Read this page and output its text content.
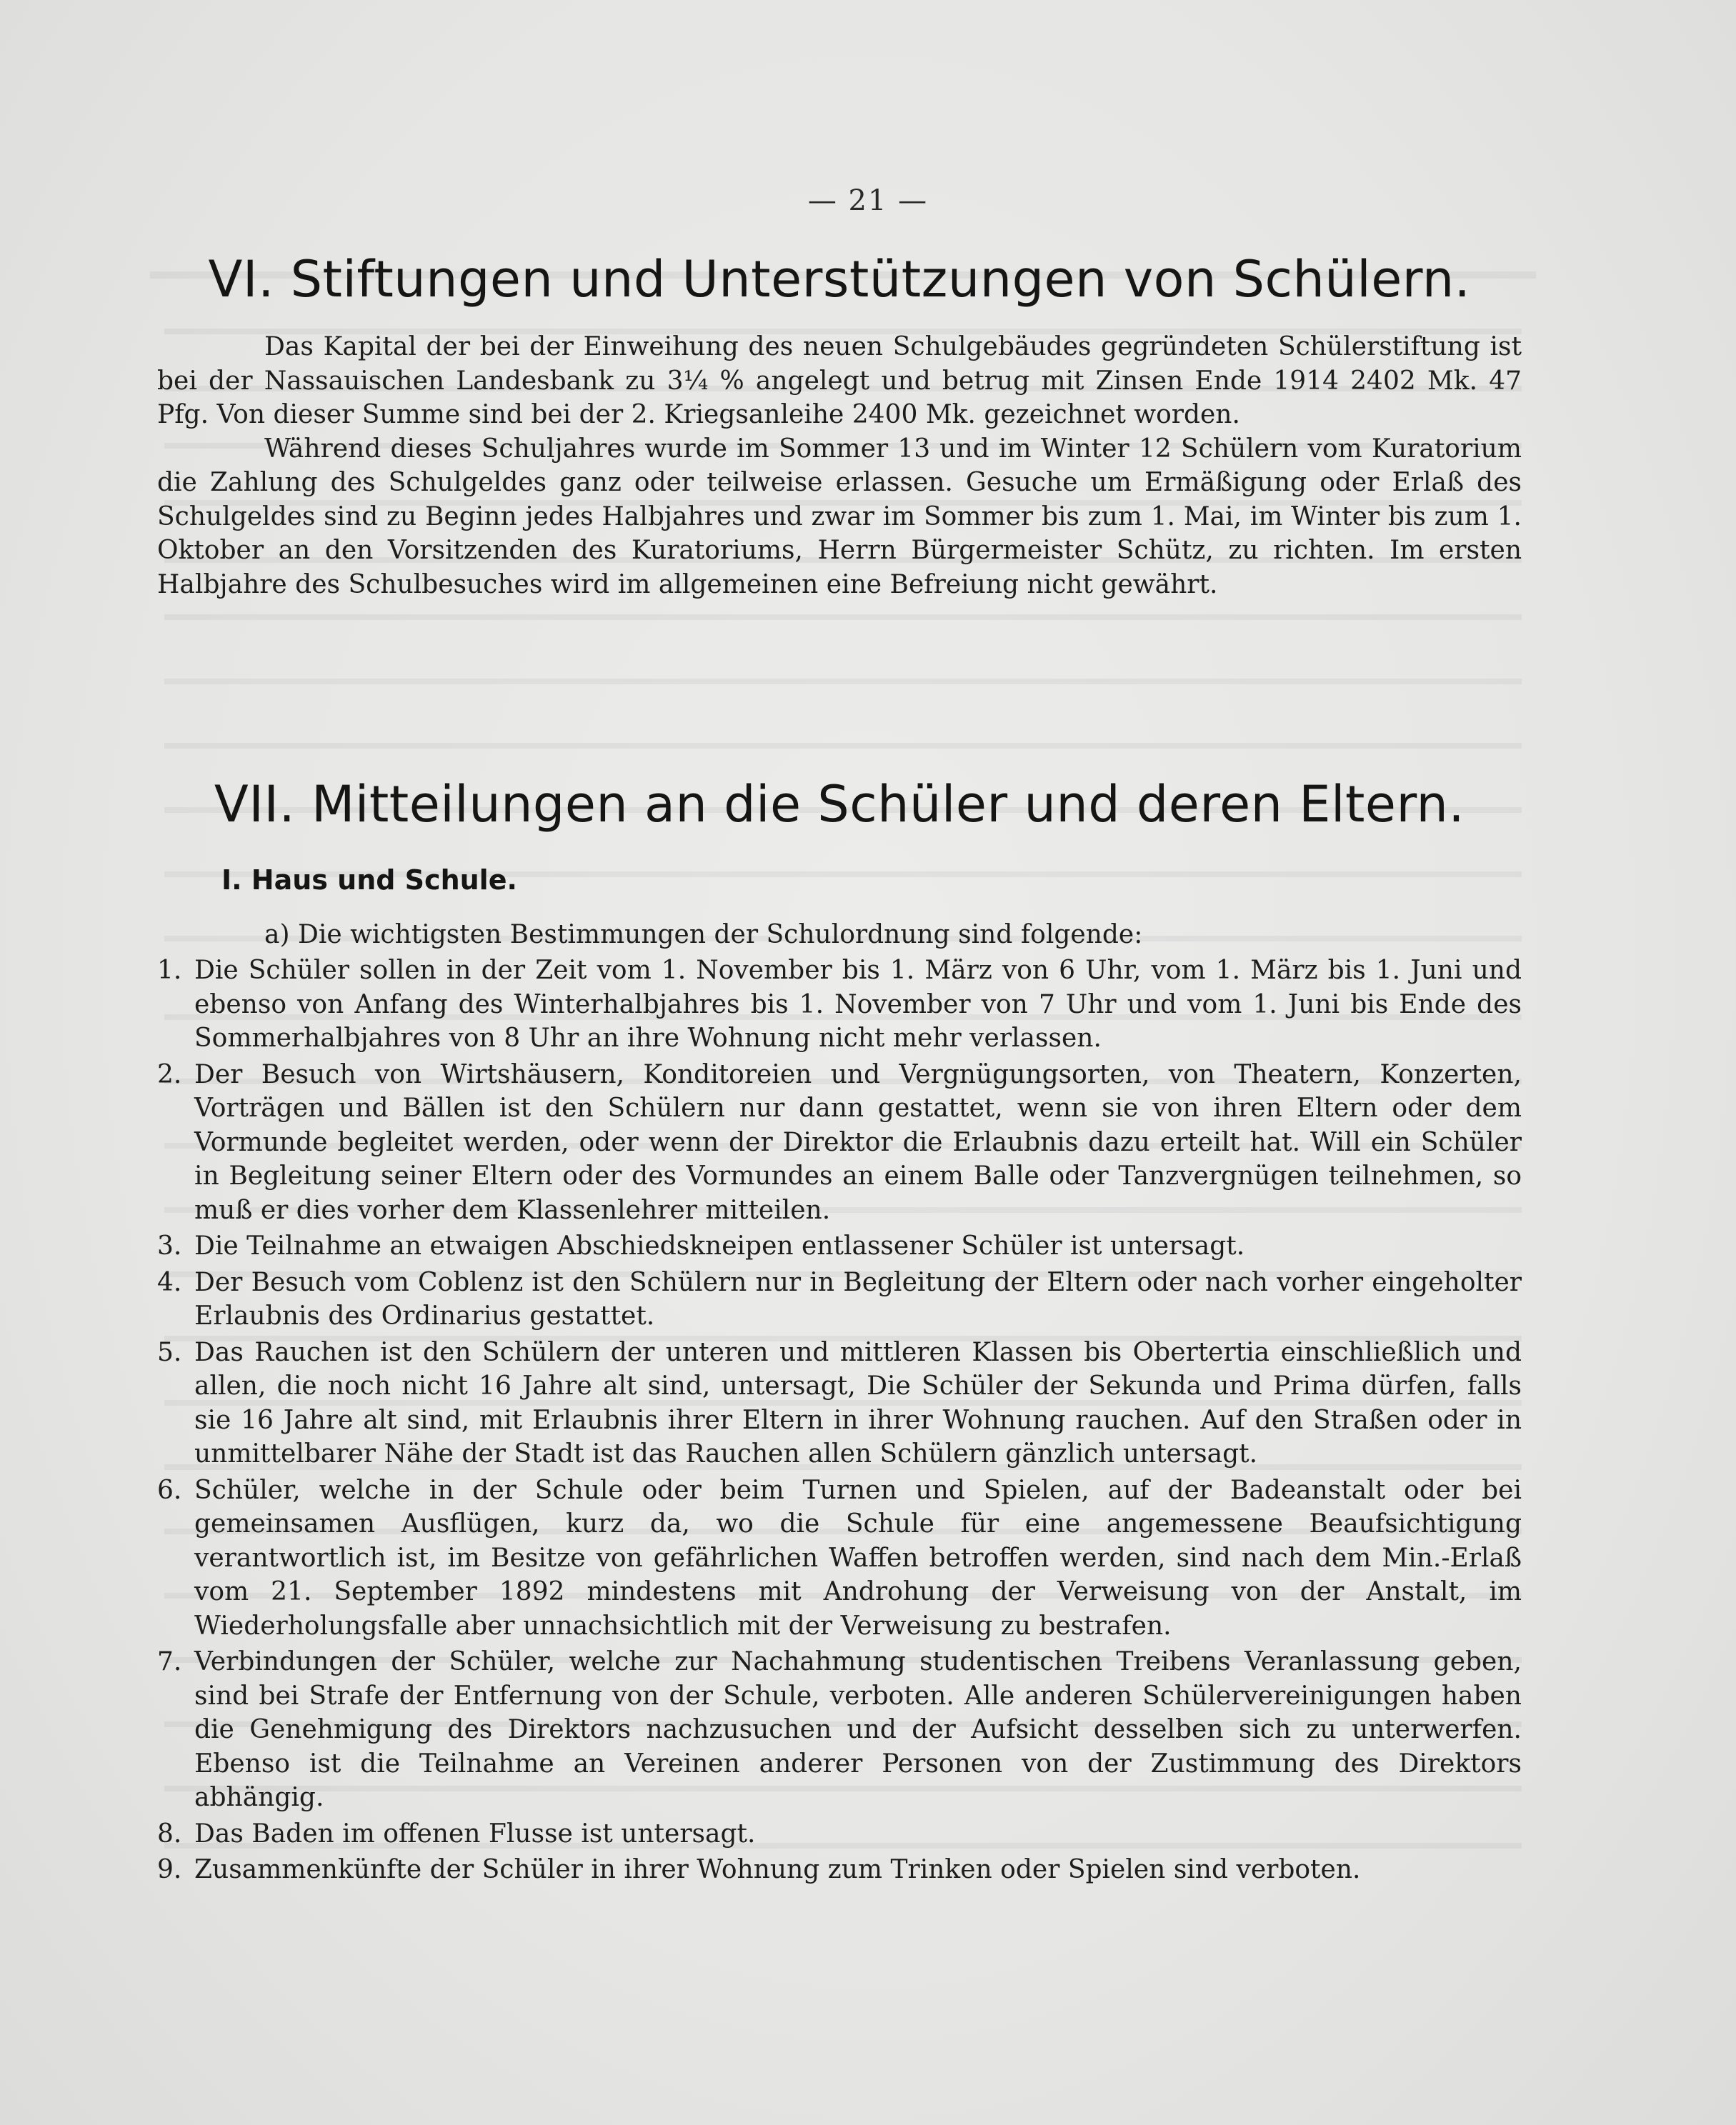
— 21 —
VI. Stiftungen und Unterstützungen von Schülern.

Das Kapital der bei der Einweihung des neuen Schulgebäudes gegründeten Schülerstiftung ist bei der Nassauischen Landesbank zu 3¼ % angelegt und betrug mit Zinsen Ende 1914 2402 Mk. 47 Pfg. Von dieser Summe sind bei der 2. Kriegsanleihe 2400 Mk. gezeichnet worden.

Während dieses Schuljahres wurde im Sommer 13 und im Winter 12 Schülern vom Kuratorium die Zahlung des Schulgeldes ganz oder teilweise erlassen. Gesuche um Ermäßigung oder Erlaß des Schulgeldes sind zu Beginn jedes Halbjahres und zwar im Sommer bis zum 1. Mai, im Winter bis zum 1. Oktober an den Vorsitzenden des Kuratoriums, Herrn Bürgermeister Schütz, zu richten. Im ersten Halbjahre des Schulbesuches wird im allgemeinen eine Befreiung nicht gewährt.

VII. Mitteilungen an die Schüler und deren Eltern.
I. Haus und Schule.
a) Die wichtigsten Bestimmungen der Schulordnung sind folgende:
1. Die Schüler sollen in der Zeit vom 1. November bis 1. März von 6 Uhr, vom 1. März bis 1. Juni und ebenso von Anfang des Winterhalbjahres bis 1. November von 7 Uhr und vom 1. Juni bis Ende des Sommerhalbjahres von 8 Uhr an ihre Wohnung nicht mehr verlassen.
2. Der Besuch von Wirtshäusern, Konditoreien und Vergnügungsorten, von Theatern, Konzerten, Vorträgen und Bällen ist den Schülern nur dann gestattet, wenn sie von ihren Eltern oder dem Vormunde begleitet werden, oder wenn der Direktor die Erlaubnis dazu erteilt hat. Will ein Schüler in Begleitung seiner Eltern oder des Vormundes an einem Balle oder Tanzvergnügen teilnehmen, so muß er dies vorher dem Klassenlehrer mitteilen.
3. Die Teilnahme an etwaigen Abschiedskneipen entlassener Schüler ist untersagt.
4. Der Besuch vom Coblenz ist den Schülern nur in Begleitung der Eltern oder nach vorher eingeholter Erlaubnis des Ordinarius gestattet.
5. Das Rauchen ist den Schülern der unteren und mittleren Klassen bis Obertertia einschließlich und allen, die noch nicht 16 Jahre alt sind, untersagt, Die Schüler der Sekunda und Prima dürfen, falls sie 16 Jahre alt sind, mit Erlaubnis ihrer Eltern in ihrer Wohnung rauchen. Auf den Straßen oder in unmittelbarer Nähe der Stadt ist das Rauchen allen Schülern gänzlich untersagt.
6. Schüler, welche in der Schule oder beim Turnen und Spielen, auf der Badeanstalt oder bei gemeinsamen Ausflügen, kurz da, wo die Schule für eine angemessene Beaufsichtigung verantwortlich ist, im Besitze von gefährlichen Waffen betroffen werden, sind nach dem Min.-Erlaß vom 21. September 1892 mindestens mit Androhung der Verweisung von der Anstalt, im Wiederholungsfalle aber unnachsichtlich mit der Verweisung zu bestrafen.
7. Verbindungen der Schüler, welche zur Nachahmung studentischen Treibens Veranlassung geben, sind bei Strafe der Entfernung von der Schule, verboten. Alle anderen Schülervereinigungen haben die Genehmigung des Direktors nachzusuchen und der Aufsicht desselben sich zu unterwerfen. Ebenso ist die Teilnahme an Vereinen anderer Personen von der Zustimmung des Direktors abhängig.
8. Das Baden im offenen Flusse ist untersagt.
9. Zusammenkünfte der Schüler in ihrer Wohnung zum Trinken oder Spielen sind verboten.
